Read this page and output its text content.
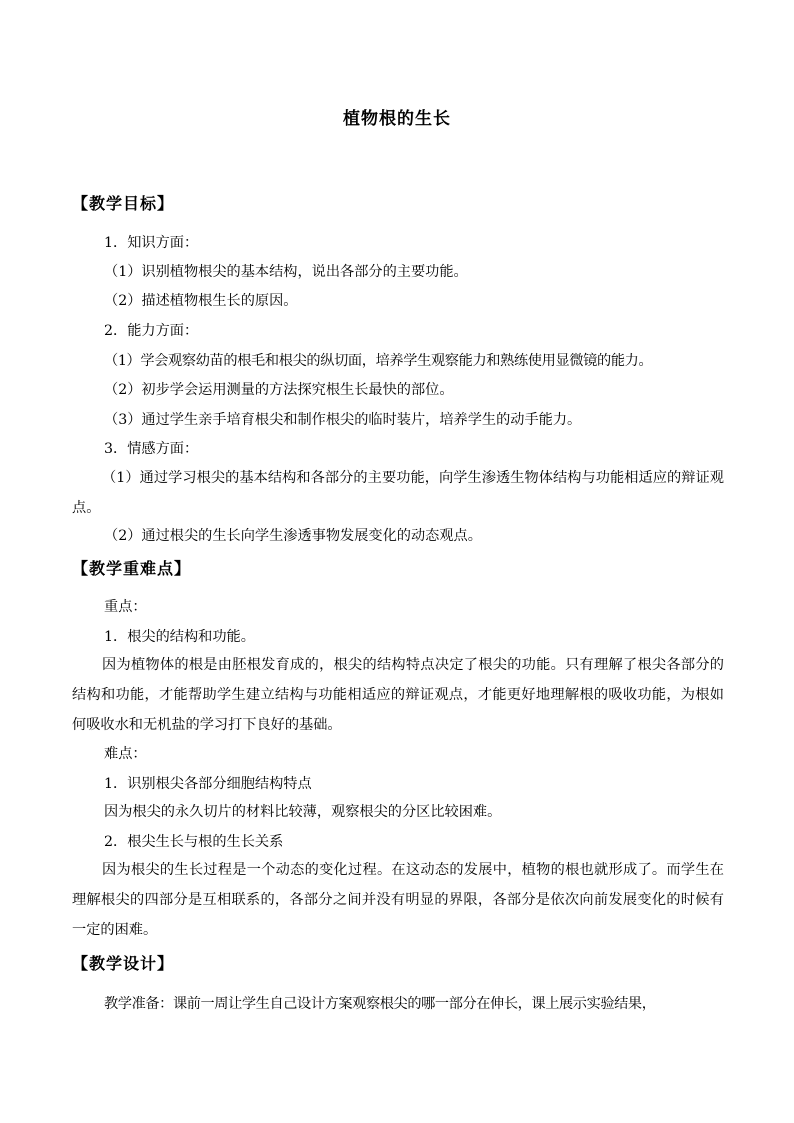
植物根的生长
【教学目标】
1．知识方面：
（1）识别植物根尖的基本结构，说出各部分的主要功能。
（2）描述植物根生长的原因。
2．能力方面：
（1）学会观察幼苗的根毛和根尖的纵切面，培养学生观察能力和熟练使用显微镜的能力。
（2）初步学会运用测量的方法探究根生长最快的部位。
（3）通过学生亲手培育根尖和制作根尖的临时装片，培养学生的动手能力。
3．情感方面：
（1）通过学习根尖的基本结构和各部分的主要功能，向学生渗透生物体结构与功能相适应的辩证观点。
（2）通过根尖的生长向学生渗透事物发展变化的动态观点。
【教学重难点】
重点：
1．根尖的结构和功能。
因为植物体的根是由胚根发育成的，根尖的结构特点决定了根尖的功能。只有理解了根尖各部分的结构和功能，才能帮助学生建立结构与功能相适应的辩证观点，才能更好地理解根的吸收功能，为根如何吸收水和无机盐的学习打下良好的基础。
难点：
1．识别根尖各部分细胞结构特点
因为根尖的永久切片的材料比较薄，观察根尖的分区比较困难。
2．根尖生长与根的生长关系
因为根尖的生长过程是一个动态的变化过程。在这动态的发展中，植物的根也就形成了。而学生在理解根尖的四部分是互相联系的，各部分之间并没有明显的界限，各部分是依次向前发展变化的时候有一定的困难。
【教学设计】
教学准备：课前一周让学生自己设计方案观察根尖的哪一部分在伸长，课上展示实验结果，
